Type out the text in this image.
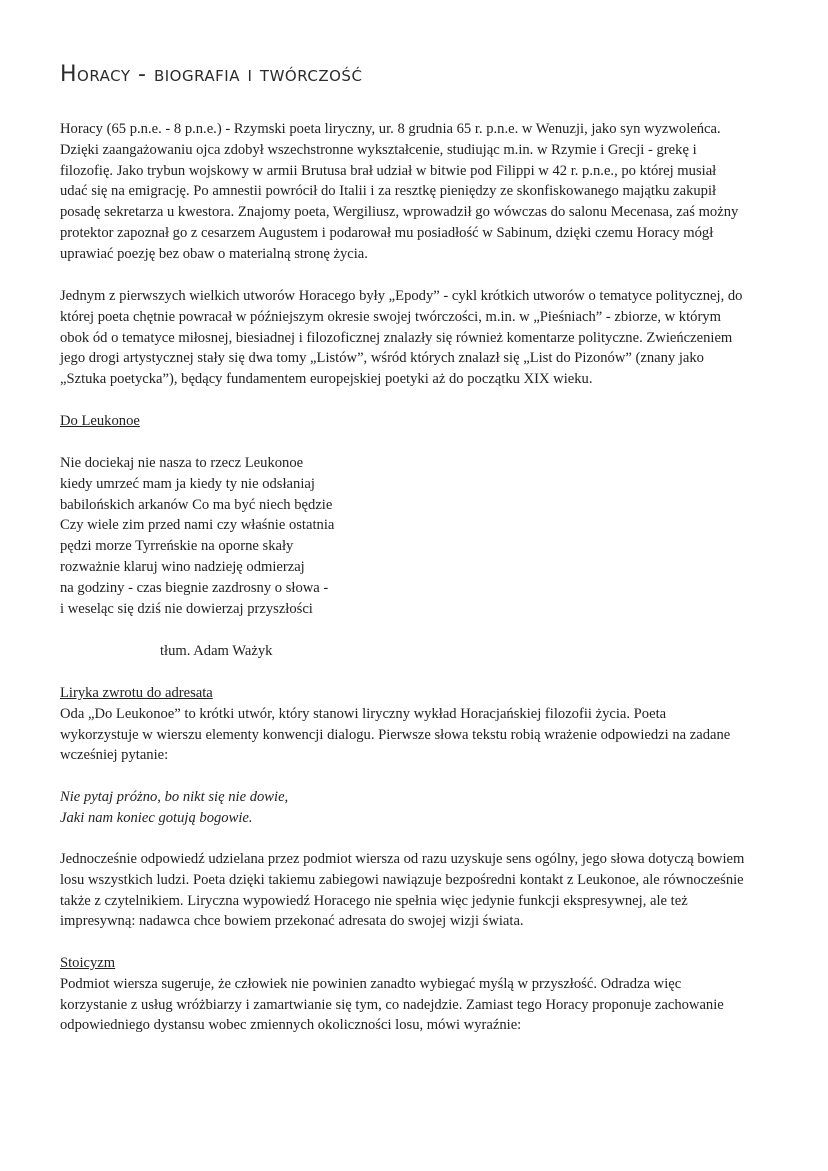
Horacy - biografia i twórczość
Horacy (65 p.n.e. - 8 p.n.e.) - Rzymski poeta liryczny, ur. 8 grudnia 65 r. p.n.e. w Wenuzji, jako syn wyzwoleńca.
Dzięki zaangażowaniu ojca zdobył wszechstronne wykształcenie, studiując m.in. w Rzymie i Grecji - grekę i
filozofię. Jako trybun wojskowy w armii Brutusa brał udział w bitwie pod Filippi w 42 r. p.n.e., po której musiał
udać się na emigrację. Po amnestii powrócił do Italii i za resztkę pieniędzy ze skonfiskowanego majątku zakupił
posadę sekretarza u kwestora. Znajomy poeta, Wergiliusz, wprowadził go wówczas do salonu Mecenasa, zaś możny
protektor zapoznał go z cesarzem Augustem i podarował mu posiadłość w Sabinum, dzięki czemu Horacy mógł
uprawiać poezję bez obaw o materialną stronę życia.
Jednym z pierwszych wielkich utworów Horacego były „Epody” - cykl krótkich utworów o tematyce politycznej, do
której poeta chętnie powracał w późniejszym okresie swojej twórczości, m.in. w „Pieśniach” - zbiorze, w którym
obok ód o tematyce miłosnej, biesiadnej i filozoficznej znalazły się również komentarze polityczne. Zwieńczeniem
jego drogi artystycznej stały się dwa tomy „Listów”, wśród których znalazł się „List do Pizonów” (znany jako
„Sztuka poetycka”), będący fundamentem europejskiej poetyki aż do początku XIX wieku.
Do Leukonoe
Nie dociekaj nie nasza to rzecz Leukonoe
kiedy umrzeć mam ja kiedy ty nie odsłaniaj
babilońskich arkanów Co ma być niech będzie
Czy wiele zim przed nami czy właśnie ostatnia
pędzi morze Tyrreńskie na oporne skały
rozważnie klaruj wino nadzieję odmierzaj
na godziny - czas biegnie zazdrosny o słowa -
i weseląc się dziś nie dowierzaj przyszłości

tłum. Adam Ważyk

Liryka zwrotu do adresata
Oda „Do Leukonoe” to krótki utwór, który stanowi liryczny wykład Horacjańskiej filozofii życia. Poeta
wykorzystuje w wierszu elementy konwencji dialogu. Pierwsze słowa tekstu robią wrażenie odpowiedzi na zadane
wcześniej pytanie:
Nie pytaj próżno, bo nikt się nie dowie,
Jaki nam koniec gotują bogowie.
Jednocześnie odpowiedź udzielana przez podmiot wiersza od razu uzyskuje sens ogólny, jego słowa dotyczą bowiem
losu wszystkich ludzi. Poeta dzięki takiemu zabiegowi nawiązuje bezpośredni kontakt z Leukonoe, ale równocześnie
także z czytelnikiem. Liryczna wypowiedź Horacego nie spełnia więc jedynie funkcji ekspresywnej, ale też
impresywną: nadawca chce bowiem przekonać adresata do swojej wizji świata.
Stoicyzm
Podmiot wiersza sugeruje, że człowiek nie powinien zanadto wybiegać myślą w przyszłość. Odradza więc
korzystanie z usług wróżbiarzy i zamartwianie się tym, co nadejdzie. Zamiast tego Horacy proponuje zachowanie
odpowiedniego dystansu wobec zmiennych okoliczności losu, mówi wyraźnie:
